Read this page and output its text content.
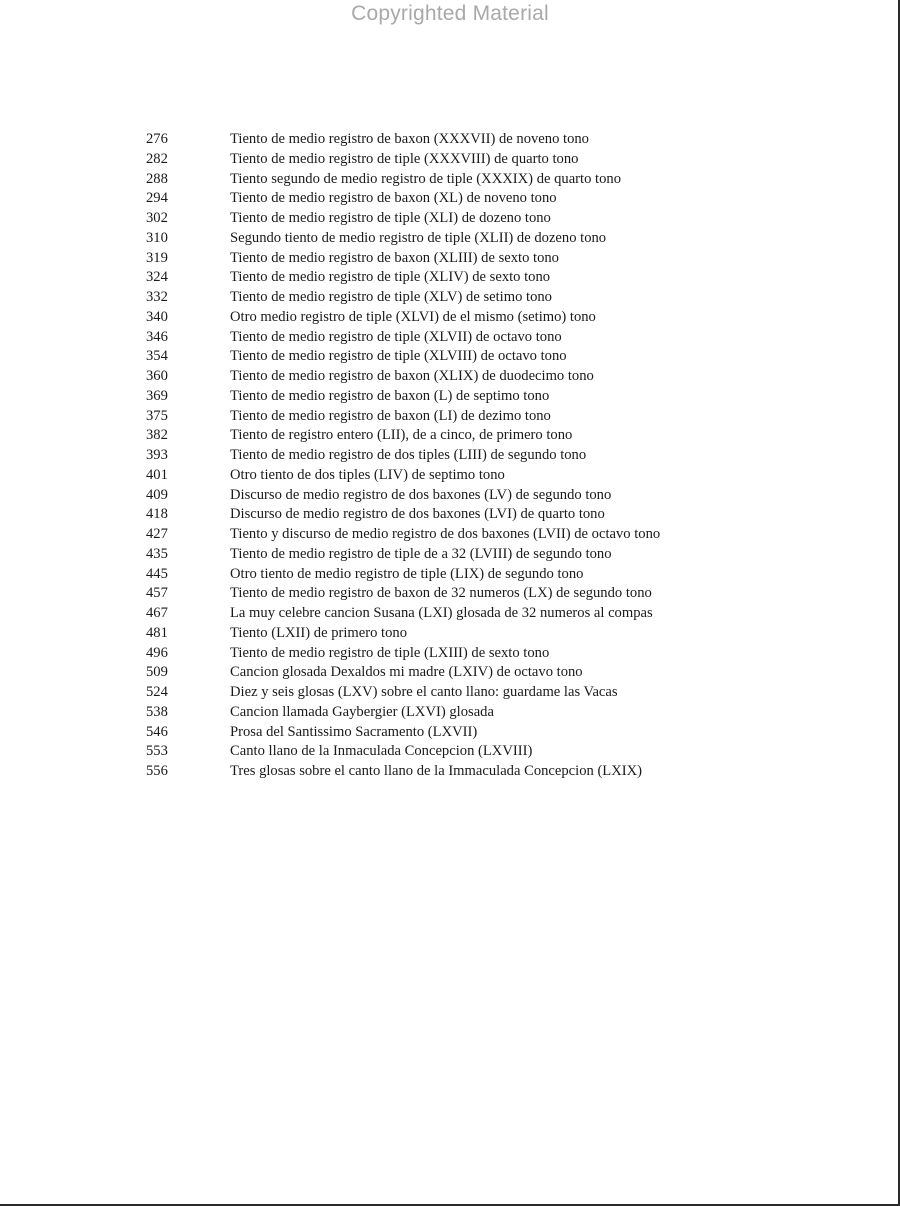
Copyrighted Material
276	Tiento de medio registro de baxon (XXXVII) de noveno tono
282	Tiento de medio registro de tiple (XXXVIII) de quarto tono
288	Tiento segundo de medio registro de tiple (XXXIX) de quarto tono
294	Tiento de medio registro de baxon (XL) de noveno tono
302	Tiento de medio registro de tiple (XLI) de dozeno tono
310	Segundo tiento de medio registro de tiple (XLII) de dozeno tono
319	Tiento de medio registro de baxon (XLIII) de sexto tono
324	Tiento de medio registro de tiple (XLIV) de sexto tono
332	Tiento de medio registro de tiple (XLV) de setimo tono
340	Otro medio registro de tiple (XLVI) de el mismo (setimo) tono
346	Tiento de medio registro de tiple (XLVII) de octavo tono
354	Tiento de medio registro de tiple (XLVIII) de octavo tono
360	Tiento de medio registro de baxon (XLIX) de duodecimo tono
369	Tiento de medio registro de baxon (L) de septimo tono
375	Tiento de medio registro de baxon (LI) de dezimo tono
382	Tiento de registro entero (LII), de a cinco, de primero tono
393	Tiento de medio registro de dos tiples (LIII) de segundo tono
401	Otro tiento de dos tiples (LIV) de septimo tono
409	Discurso de medio registro de dos baxones (LV) de segundo tono
418	Discurso de medio registro de dos baxones (LVI) de quarto tono
427	Tiento y discurso de medio registro de dos baxones (LVII) de octavo tono
435	Tiento de medio registro de tiple de a 32 (LVIII) de segundo tono
445	Otro tiento de medio registro de tiple (LIX) de segundo tono
457	Tiento de medio registro de baxon de 32 numeros (LX) de segundo tono
467	La muy celebre cancion Susana (LXI) glosada de 32 numeros al compas
481	Tiento (LXII) de primero tono
496	Tiento de medio registro de tiple (LXIII) de sexto tono
509	Cancion glosada Dexaldos mi madre (LXIV) de octavo tono
524	Diez y seis glosas (LXV) sobre el canto llano: guardame las Vacas
538	Cancion llamada Gaybergier (LXVI) glosada
546	Prosa del Santissimo Sacramento (LXVII)
553	Canto llano de la Inmaculada Concepcion (LXVIII)
556	Tres glosas sobre el canto llano de la Immaculada Concepcion (LXIX)
